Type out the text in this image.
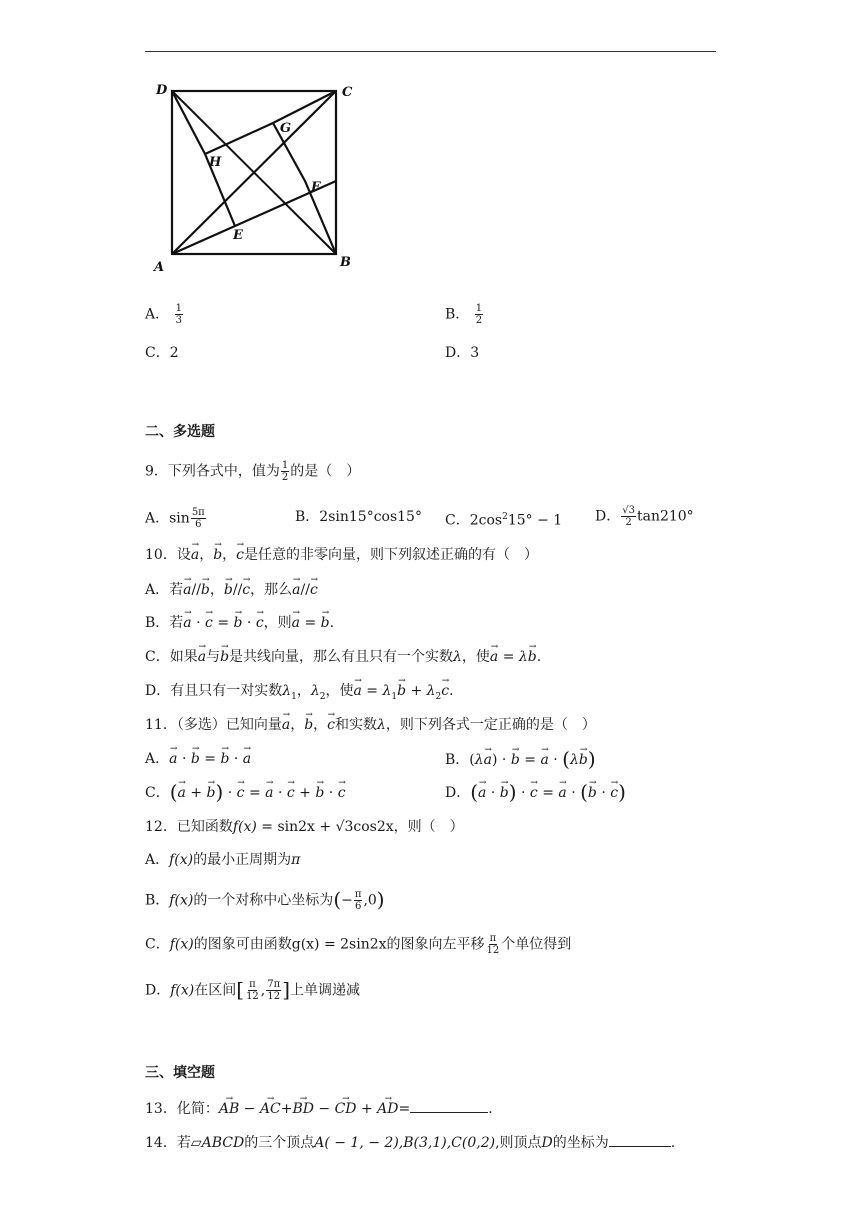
D	C
G
H
F
E
A	B
A． $\frac{1}{3}$	B． $\frac{1}{2}$
C．2	D．3
二、多选题
9．下列各式中，值为 $\frac{1}{2}$ 的是（　）
A．$\sin \frac{5\pi}{6}$	B．2sin15°cos15° C．$2\cos^215^\circ - 1$ D． $\frac{√3}{2} \tan 210^\circ$
10．设→ a，→ b，→ c是任意的非零向量，则下列叙述正确的有（　）
A．若→ a//→ b，→ b//→ c，那么→ a//→ c
B．若→ a · → c = → b · → c，则→ a = → b.
C．如果→ a与→ b是共线向量，那么有且只有一个实数λ，使→ a = λ→ b.
D．有且只有一对实数$\lambda_1$，$\lambda_2$，使→ $a = \lambda_1\to b + \lambda_2\to c$.
11．（多选）已知向量→ a，→ b，→ c和实数λ，则下列各式一定正确的是（　）
A．→ a · → b = → b · → a	B．(λ→ a) · → b = → a · (λ→ b)
C．(→ a + → b) · → c = → a · → c + → b · → c	D．(→ a · → b) · → c = → a · (→ b · → c)
12．已知函数f(x) = sin2x + √3cos2x，则（　）
A．f(x)的最小正周期为π
B．f(x)的一个对称中心坐标为(− $\frac{\pi}{6} ,0$)
C．f(x)的图象可由函数g(x) = 2sin2x的图象向左平移 $\frac{\pi}{12}$ 个单位得到
D．f(x)在区间[ $\frac{\pi}{12}$ , $\frac{7\pi}{12}$ ]上单调递减
三、填空题
13．化简：→ AB − → AC+→ BD − → CD + → AD=	.
14．若▱ABCD的三个顶点A( − 1, − 2),B(3,1),C(0,2),则顶点D的坐标为	.
